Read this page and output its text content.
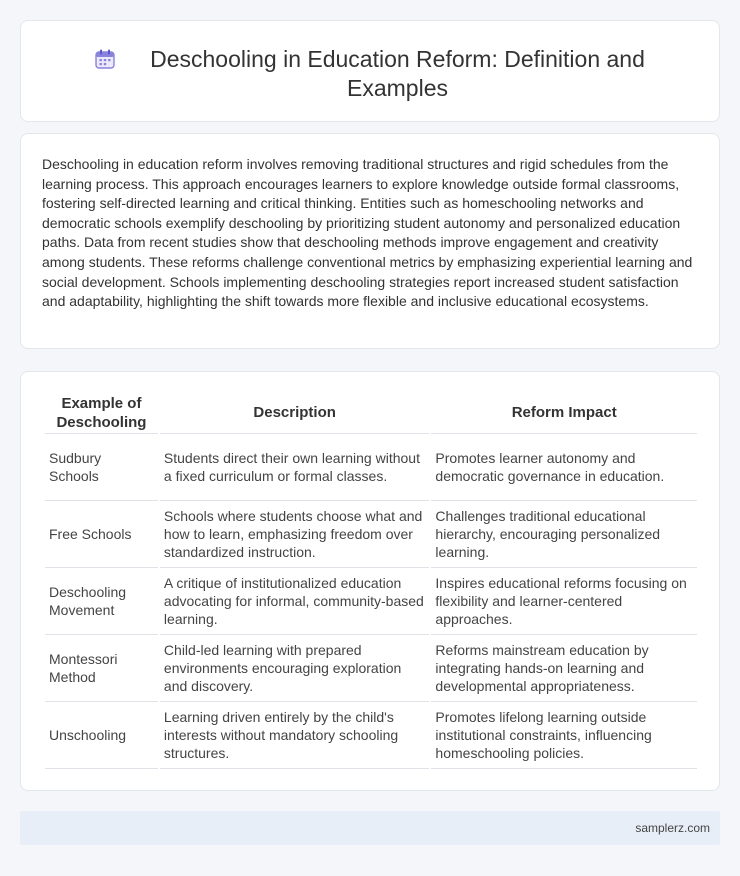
Deschooling in Education Reform: Definition and Examples

Deschooling in education reform involves removing traditional structures and rigid schedules from the learning process. This approach encourages learners to explore knowledge outside formal classrooms, fostering self-directed learning and critical thinking. Entities such as homeschooling networks and democratic schools exemplify deschooling by prioritizing student autonomy and personalized education paths. Data from recent studies show that deschooling methods improve engagement and creativity among students. These reforms challenge conventional metrics by emphasizing experiential learning and social development. Schools implementing deschooling strategies report increased student satisfaction and adaptability, highlighting the shift towards more flexible and inclusive educational ecosystems.

Example of Deschooling	Description	Reform Impact
Sudbury Schools	Students direct their own learning without a fixed curriculum or formal classes.	Promotes learner autonomy and democratic governance in education.
Free Schools	Schools where students choose what and how to learn, emphasizing freedom over standardized instruction.	Challenges traditional educational hierarchy, encouraging personalized learning.
Deschooling Movement	A critique of institutionalized education advocating for informal, community-based learning.	Inspires educational reforms focusing on flexibility and learner-centered approaches.
Montessori Method	Child-led learning with prepared environments encouraging exploration and discovery.	Reforms mainstream education by integrating hands-on learning and developmental appropriateness.
Unschooling	Learning driven entirely by the child's interests without mandatory schooling structures.	Promotes lifelong learning outside institutional constraints, influencing homeschooling policies.
samplerz.com
